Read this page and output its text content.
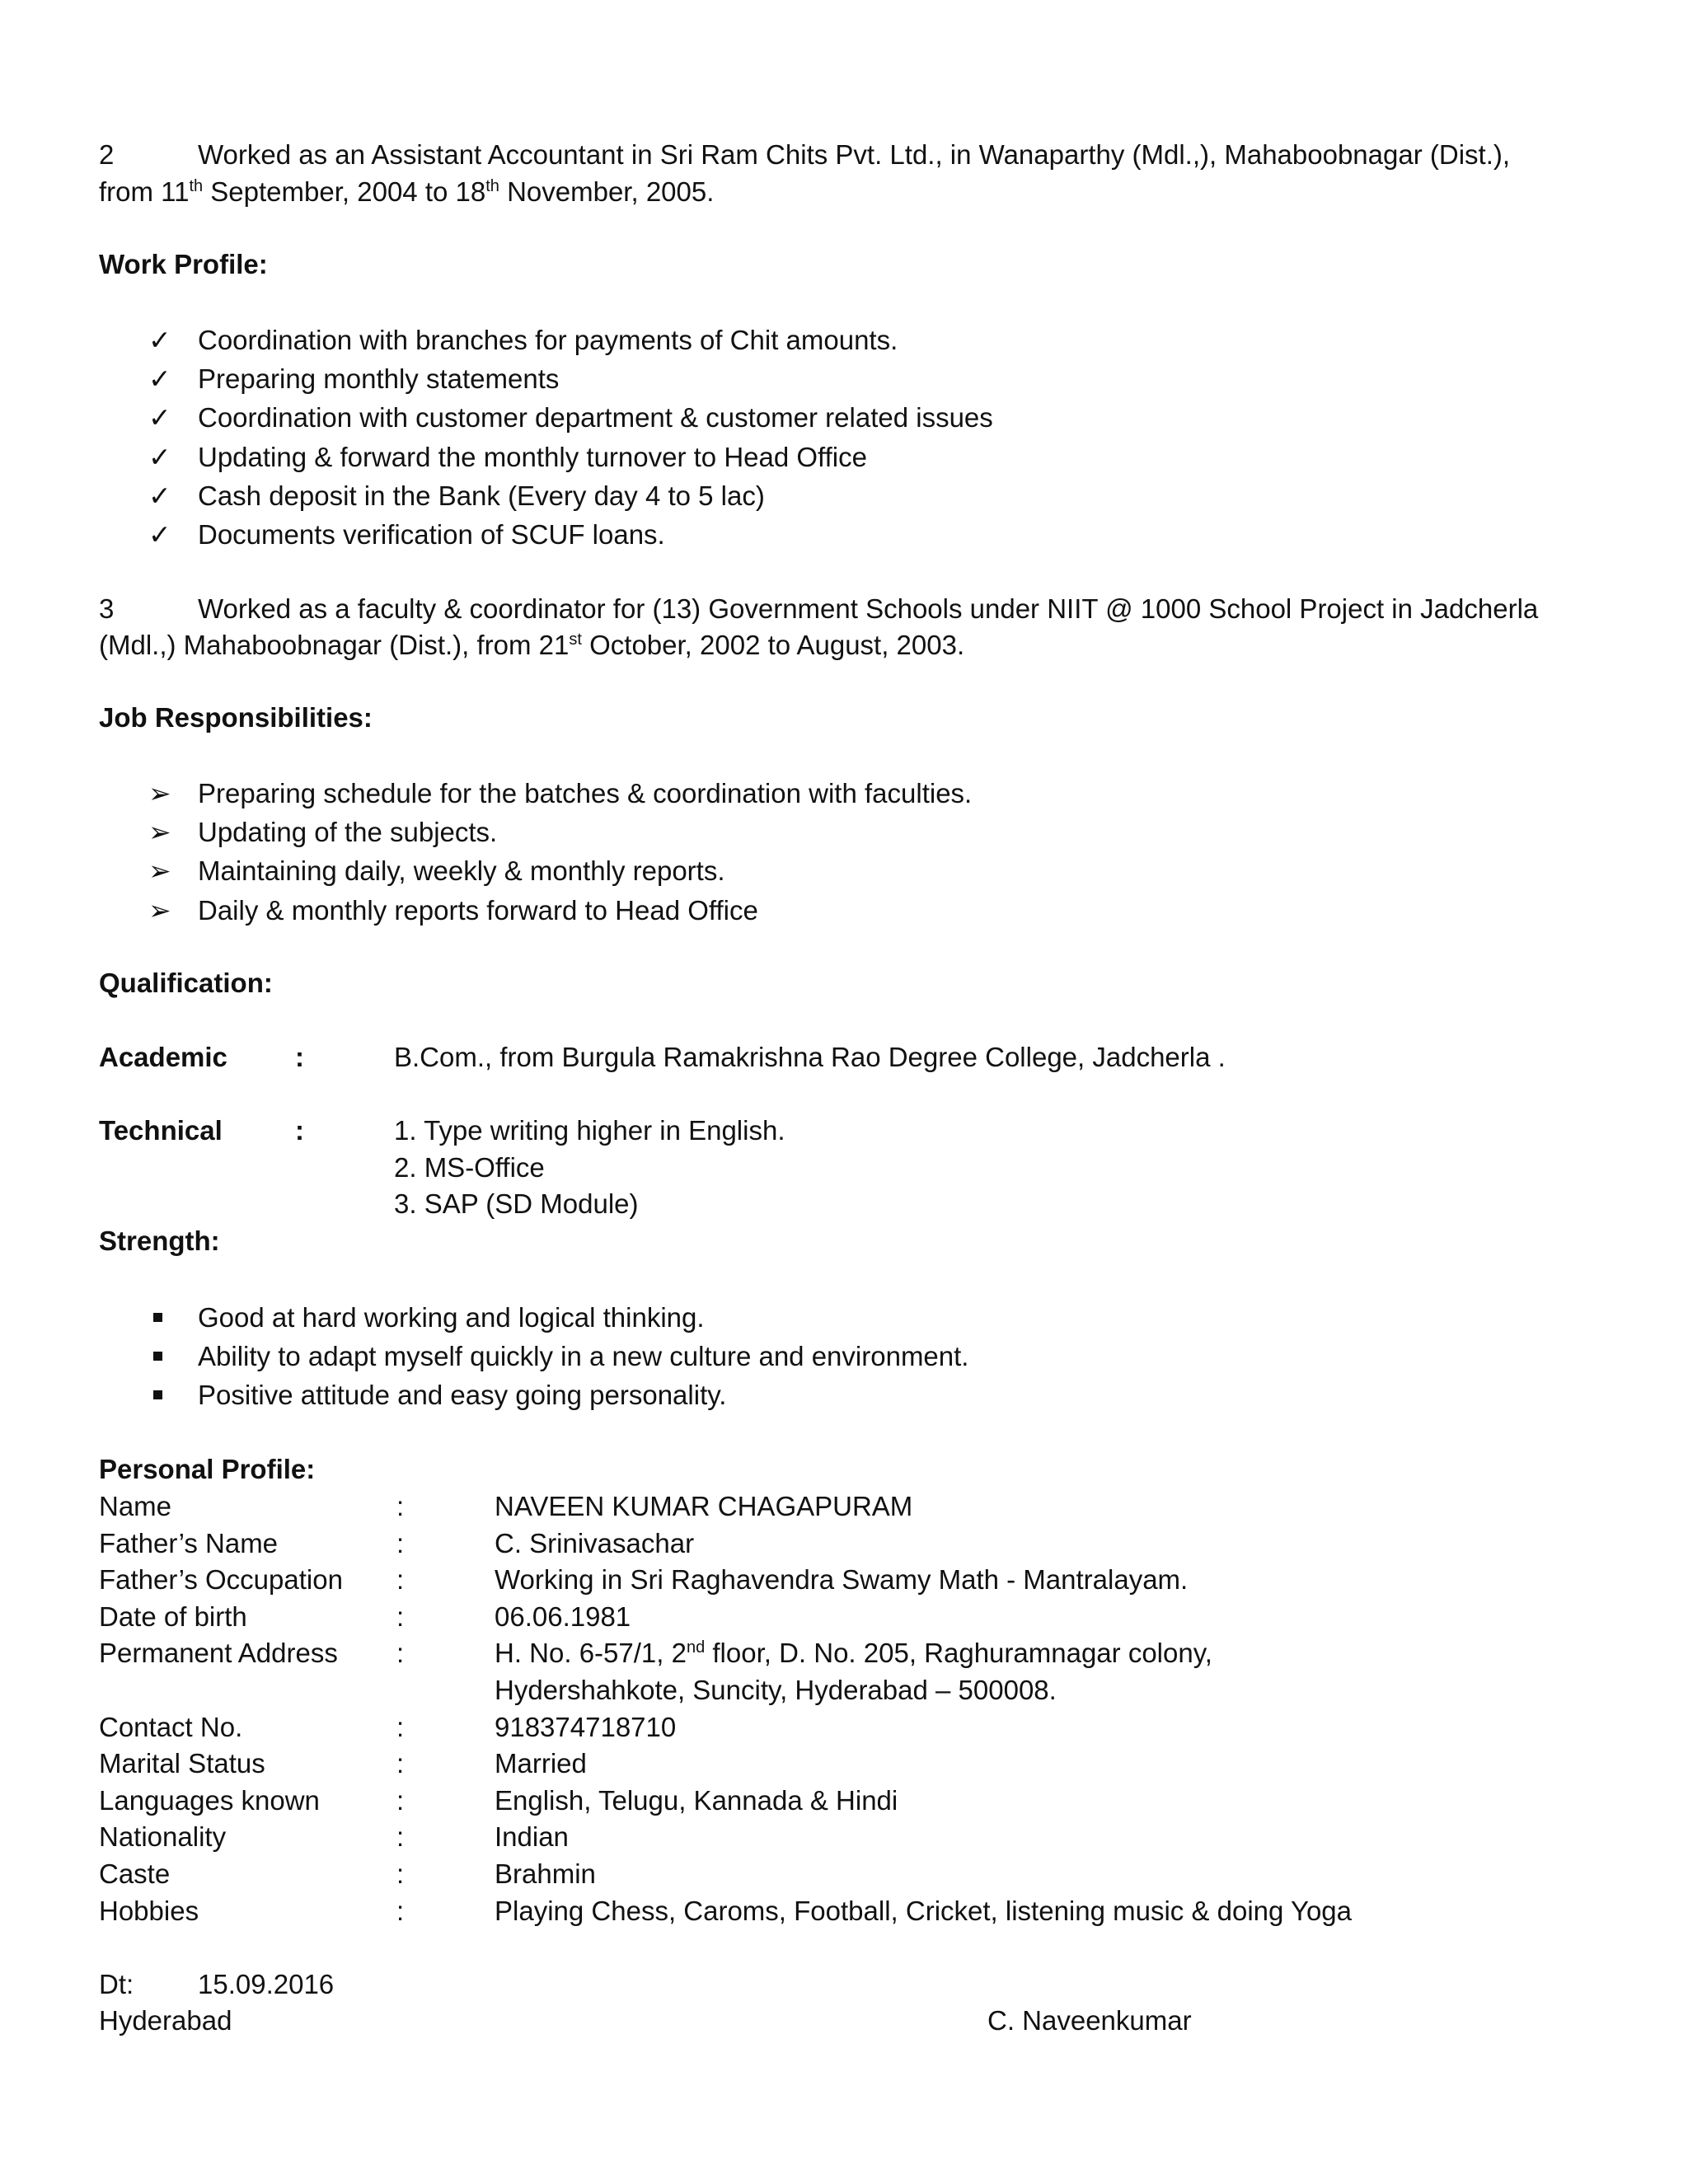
2	Worked as an Assistant Accountant in Sri Ram Chits Pvt. Ltd., in Wanaparthy (Mdl.,), Mahaboobnagar (Dist.),
from 11th September, 2004 to 18th November, 2005.
Work Profile:
✓ Coordination with branches for payments of Chit amounts.
✓ Preparing monthly statements
✓ Coordination with customer department & customer related issues
✓ Updating & forward the monthly turnover to Head Office
✓ Cash deposit in the Bank (Every day 4 to 5 lac)
✓ Documents verification of SCUF loans.
3	Worked as a faculty & coordinator for (13) Government Schools under NIIT @ 1000 School Project in Jadcherla
(Mdl.,) Mahaboobnagar (Dist.), from 21st October, 2002 to August, 2003.
Job Responsibilities:
➢ Preparing schedule for the batches & coordination with faculties.
➢ Updating of the subjects.
➢ Maintaining daily, weekly & monthly reports.
➢ Daily & monthly reports forward to Head Office
Qualification:
Academic :	B.Com., from Burgula Ramakrishna Rao Degree College, Jadcherla .
Technical	:	1. Type writing higher in English.
2. MS-Office
3. SAP (SD Module)
Strength:
Good at hard working and logical thinking.
Ability to adapt myself quickly in a new culture and environment.
Positive attitude and easy going personality.
Personal Profile:
Name	:	NAVEEN KUMAR CHAGAPURAM
Father’s Name	:	C. Srinivasachar
Father’s Occupation :	Working in Sri Raghavendra Swamy Math - Mantralayam.
Date of birth	:	06.06.1981
Permanent Address :	H. No. 6-57/1, 2nd floor, D. No. 205, Raghuramnagar colony,
Hydershahkote, Suncity, Hyderabad – 500008.
Contact No.	:	918374718710
Marital Status	:	Married
Languages known	:	English, Telugu, Kannada & Hindi
Nationality	:	Indian
Caste	:	Brahmin
Hobbies	:	Playing Chess, Caroms, Football, Cricket, listening music & doing Yoga
Dt: 15.09.2016
Hyderabad	C. Naveenkumar
